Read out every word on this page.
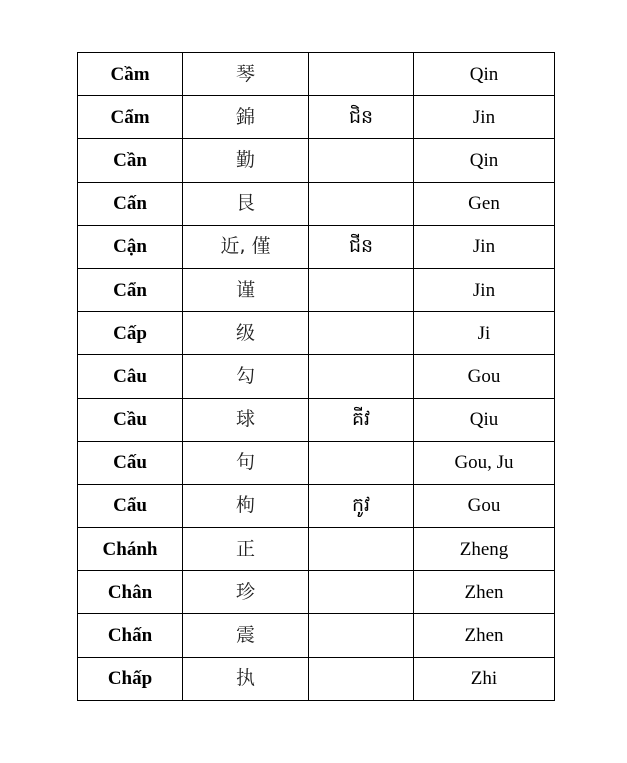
Cầm	琴		Qin
Cẩm	錦	ជិន	Jin
Cần	勤		Qin
Cấn	艮		Gen
Cận	近, 僅	ជីន	Jin
Cẩn	谨		Jin
Cấp	级		Ji
Câu	勾		Gou
Cầu	球	គីវ	Qiu
Cấu	句		Gou, Ju
Cẩu	枸	កូវ	Gou
Chánh	正		Zheng
Chân	珍		Zhen
Chấn	震		Zhen
Chấp	执		Zhi
